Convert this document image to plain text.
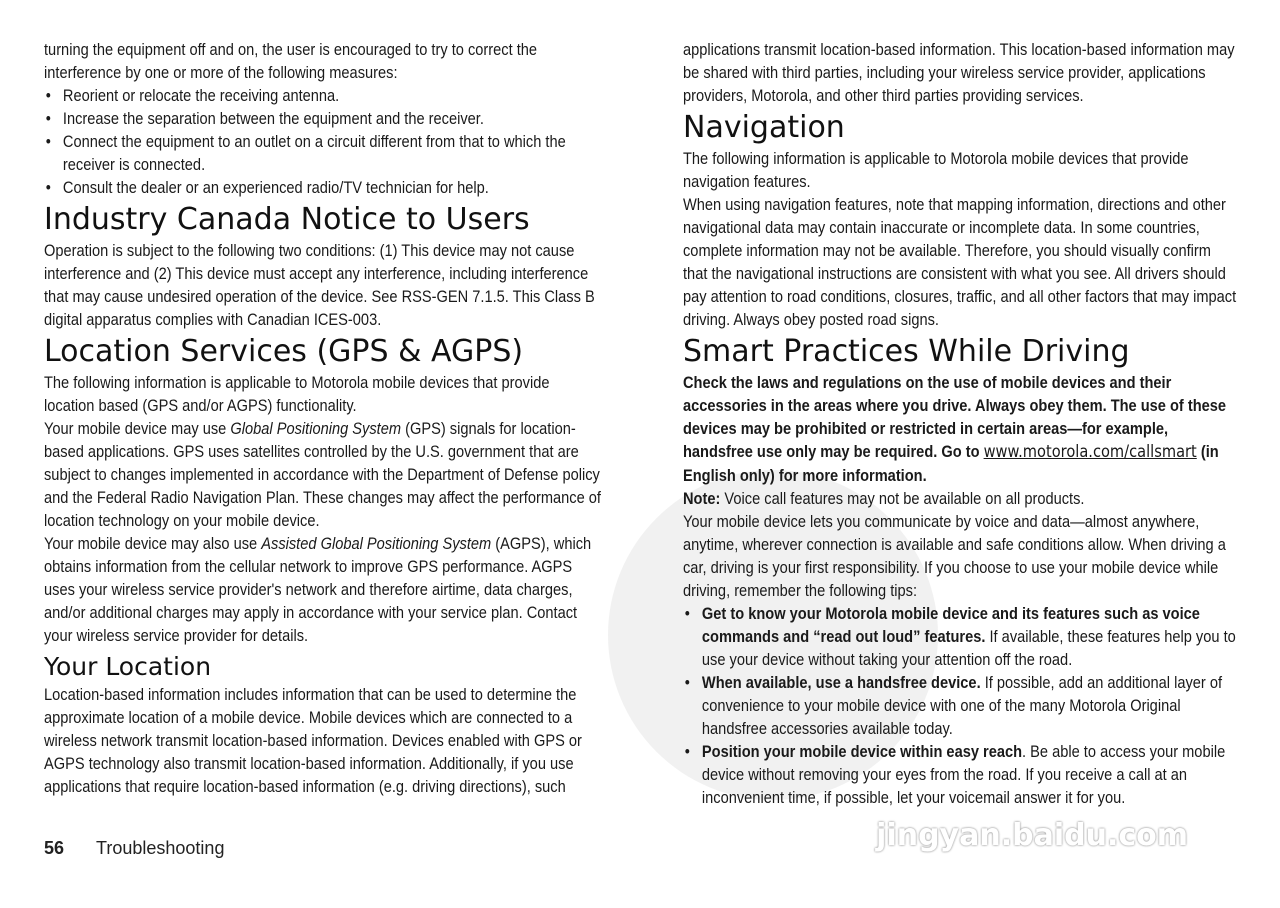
turning the equipment off and on, the user is encouraged to try to correct the interference by one or more of the following measures:

• Reorient or relocate the receiving antenna.
• Increase the separation between the equipment and the receiver.
• Connect the equipment to an outlet on a circuit different from that to which the receiver is connected.
• Consult the dealer or an experienced radio/TV technician for help.
Industry Canada Notice to Users

Operation is subject to the following two conditions: (1) This device may not cause interference and (2) This device must accept any interference, including interference that may cause undesired operation of the device. See RSS-GEN 7.1.5. This Class B digital apparatus complies with Canadian ICES-003.

Location Services (GPS & AGPS)

The following information is applicable to Motorola mobile devices that provide location based (GPS and/or AGPS) functionality.

Your mobile device may use Global Positioning System (GPS) signals for location-based applications. GPS uses satellites controlled by the U.S. government that are subject to changes implemented in accordance with the Department of Defense policy and the Federal Radio Navigation Plan. These changes may affect the performance of location technology on your mobile device.

Your mobile device may also use Assisted Global Positioning System (AGPS), which obtains information from the cellular network to improve GPS performance. AGPS uses your wireless service provider's network and therefore airtime, data charges, and/or additional charges may apply in accordance with your service plan. Contact your wireless service provider for details.

Your Location

Location-based information includes information that can be used to determine the approximate location of a mobile device. Mobile devices which are connected to a wireless network transmit location-based information. Devices enabled with GPS or AGPS technology also transmit location-based information. Additionally, if you use applications that require location-based information (e.g. driving directions), such

applications transmit location-based information. This location-based information may be shared with third parties, including your wireless service provider, applications providers, Motorola, and other third parties providing services.

Navigation

The following information is applicable to Motorola mobile devices that provide navigation features.

When using navigation features, note that mapping information, directions and other navigational data may contain inaccurate or incomplete data. In some countries, complete information may not be available. Therefore, you should visually confirm that the navigational instructions are consistent with what you see. All drivers should pay attention to road conditions, closures, traffic, and all other factors that may impact driving. Always obey posted road signs.

Smart Practices While Driving

Check the laws and regulations on the use of mobile devices and their accessories in the areas where you drive. Always obey them. The use of these devices may be prohibited or restricted in certain areas—for example, handsfree use only may be required. Go to www.motorola.com/callsmart (in English only) for more information.

Note: Voice call features may not be available on all products.

Your mobile device lets you communicate by voice and data—almost anywhere, anytime, wherever connection is available and safe conditions allow. When driving a car, driving is your first responsibility. If you choose to use your mobile device while driving, remember the following tips:

• Get to know your Motorola mobile device and its features such as voice commands and “read out loud” features. If available, these features help you to use your device without taking your attention off the road.
• When available, use a handsfree device. If possible, add an additional layer of convenience to your mobile device with one of the many Motorola Original handsfree accessories available today.
• Position your mobile device within easy reach. Be able to access your mobile device without removing your eyes from the road. If you receive a call at an inconvenient time, if possible, let your voicemail answer it for you.
56 Troubleshooting	jingyan.baidu.com
